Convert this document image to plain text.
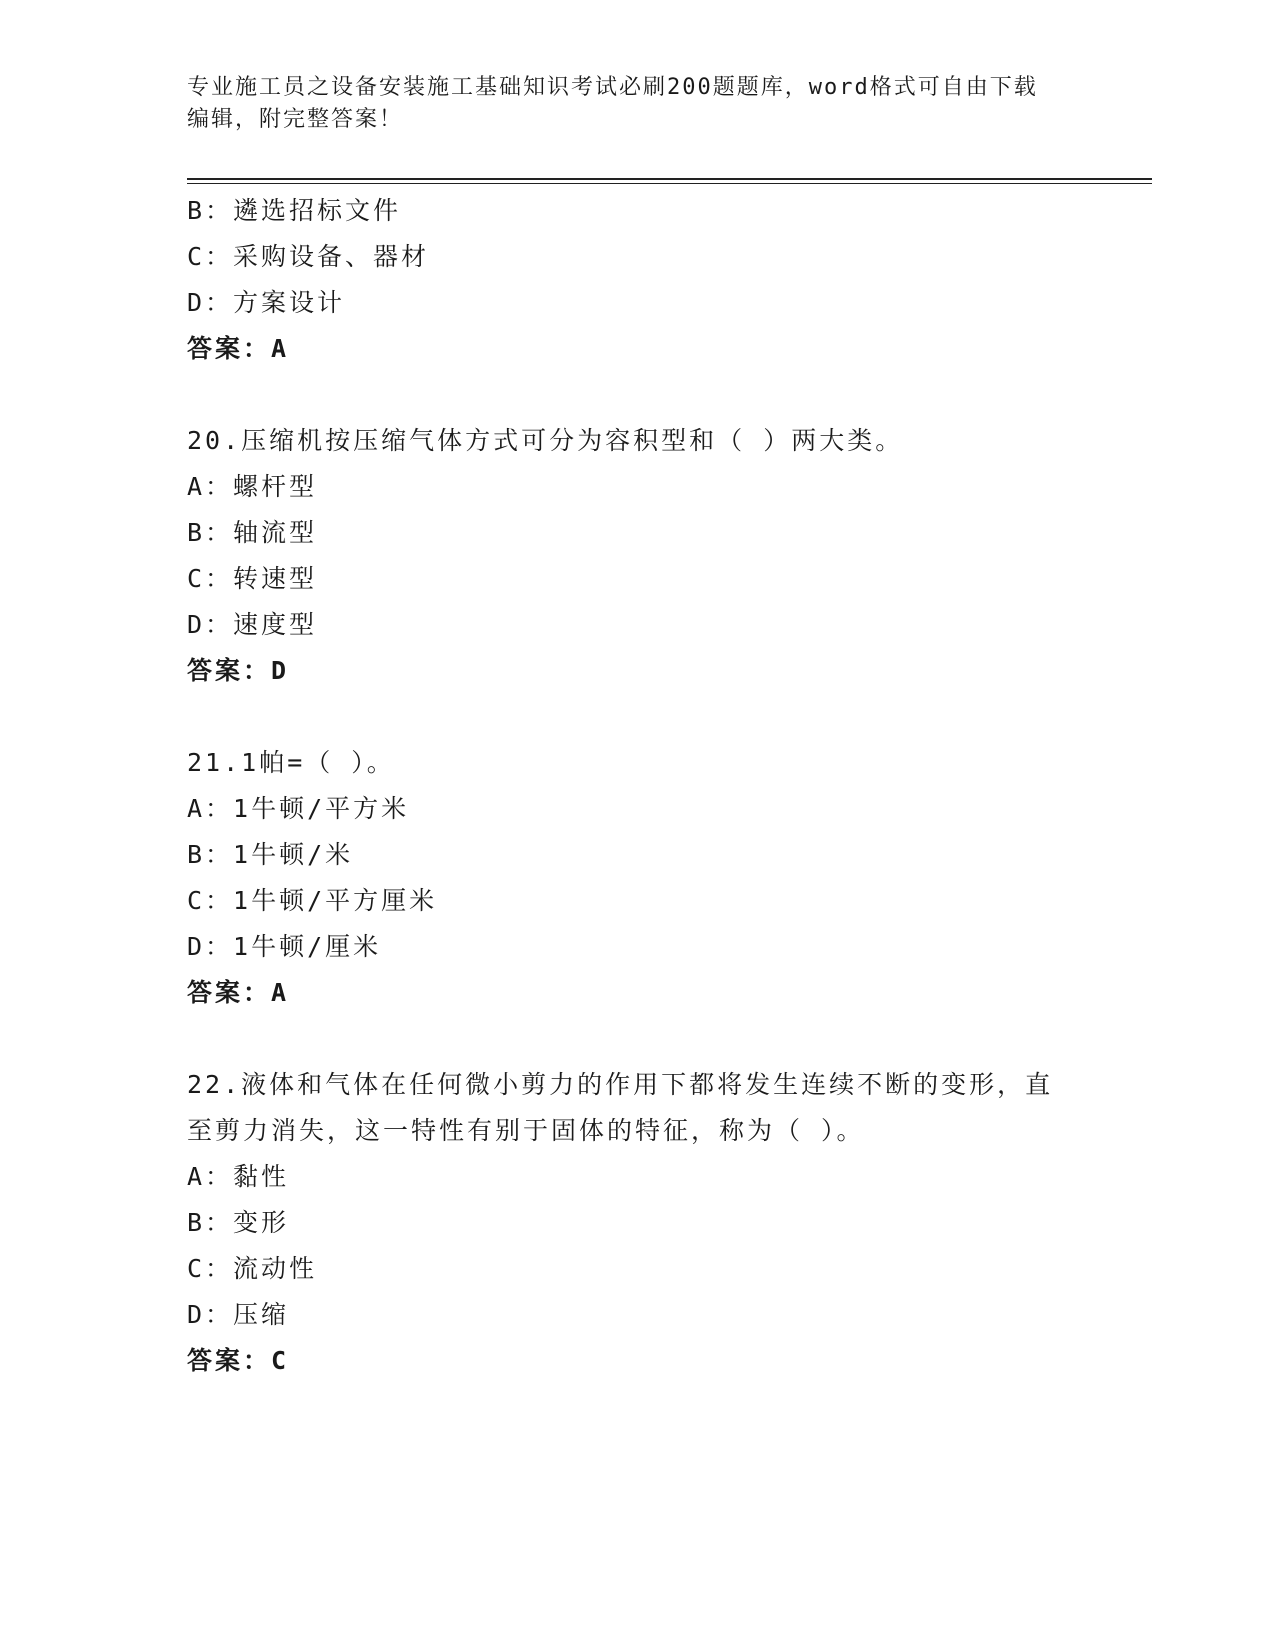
专业施工员之设备安装施工基础知识考试必刷200题题库，word格式可自由下载
编辑，附完整答案！
B：遴选招标文件
C：采购设备、器材
D：方案设计
答案：A
20.压缩机按压缩气体方式可分为容积型和（ ）两大类。
A：螺杆型
B：轴流型
C：转速型
D：速度型
答案：D
21.1帕=（ ）。
A：1牛顿/平方米
B：1牛顿/米
C：1牛顿/平方厘米
D：1牛顿/厘米
答案：A
22.液体和气体在任何微小剪力的作用下都将发生连续不断的变形，直
至剪力消失，这一特性有别于固体的特征，称为（ ）。
A：黏性
B：变形
C：流动性
D：压缩
答案：C
